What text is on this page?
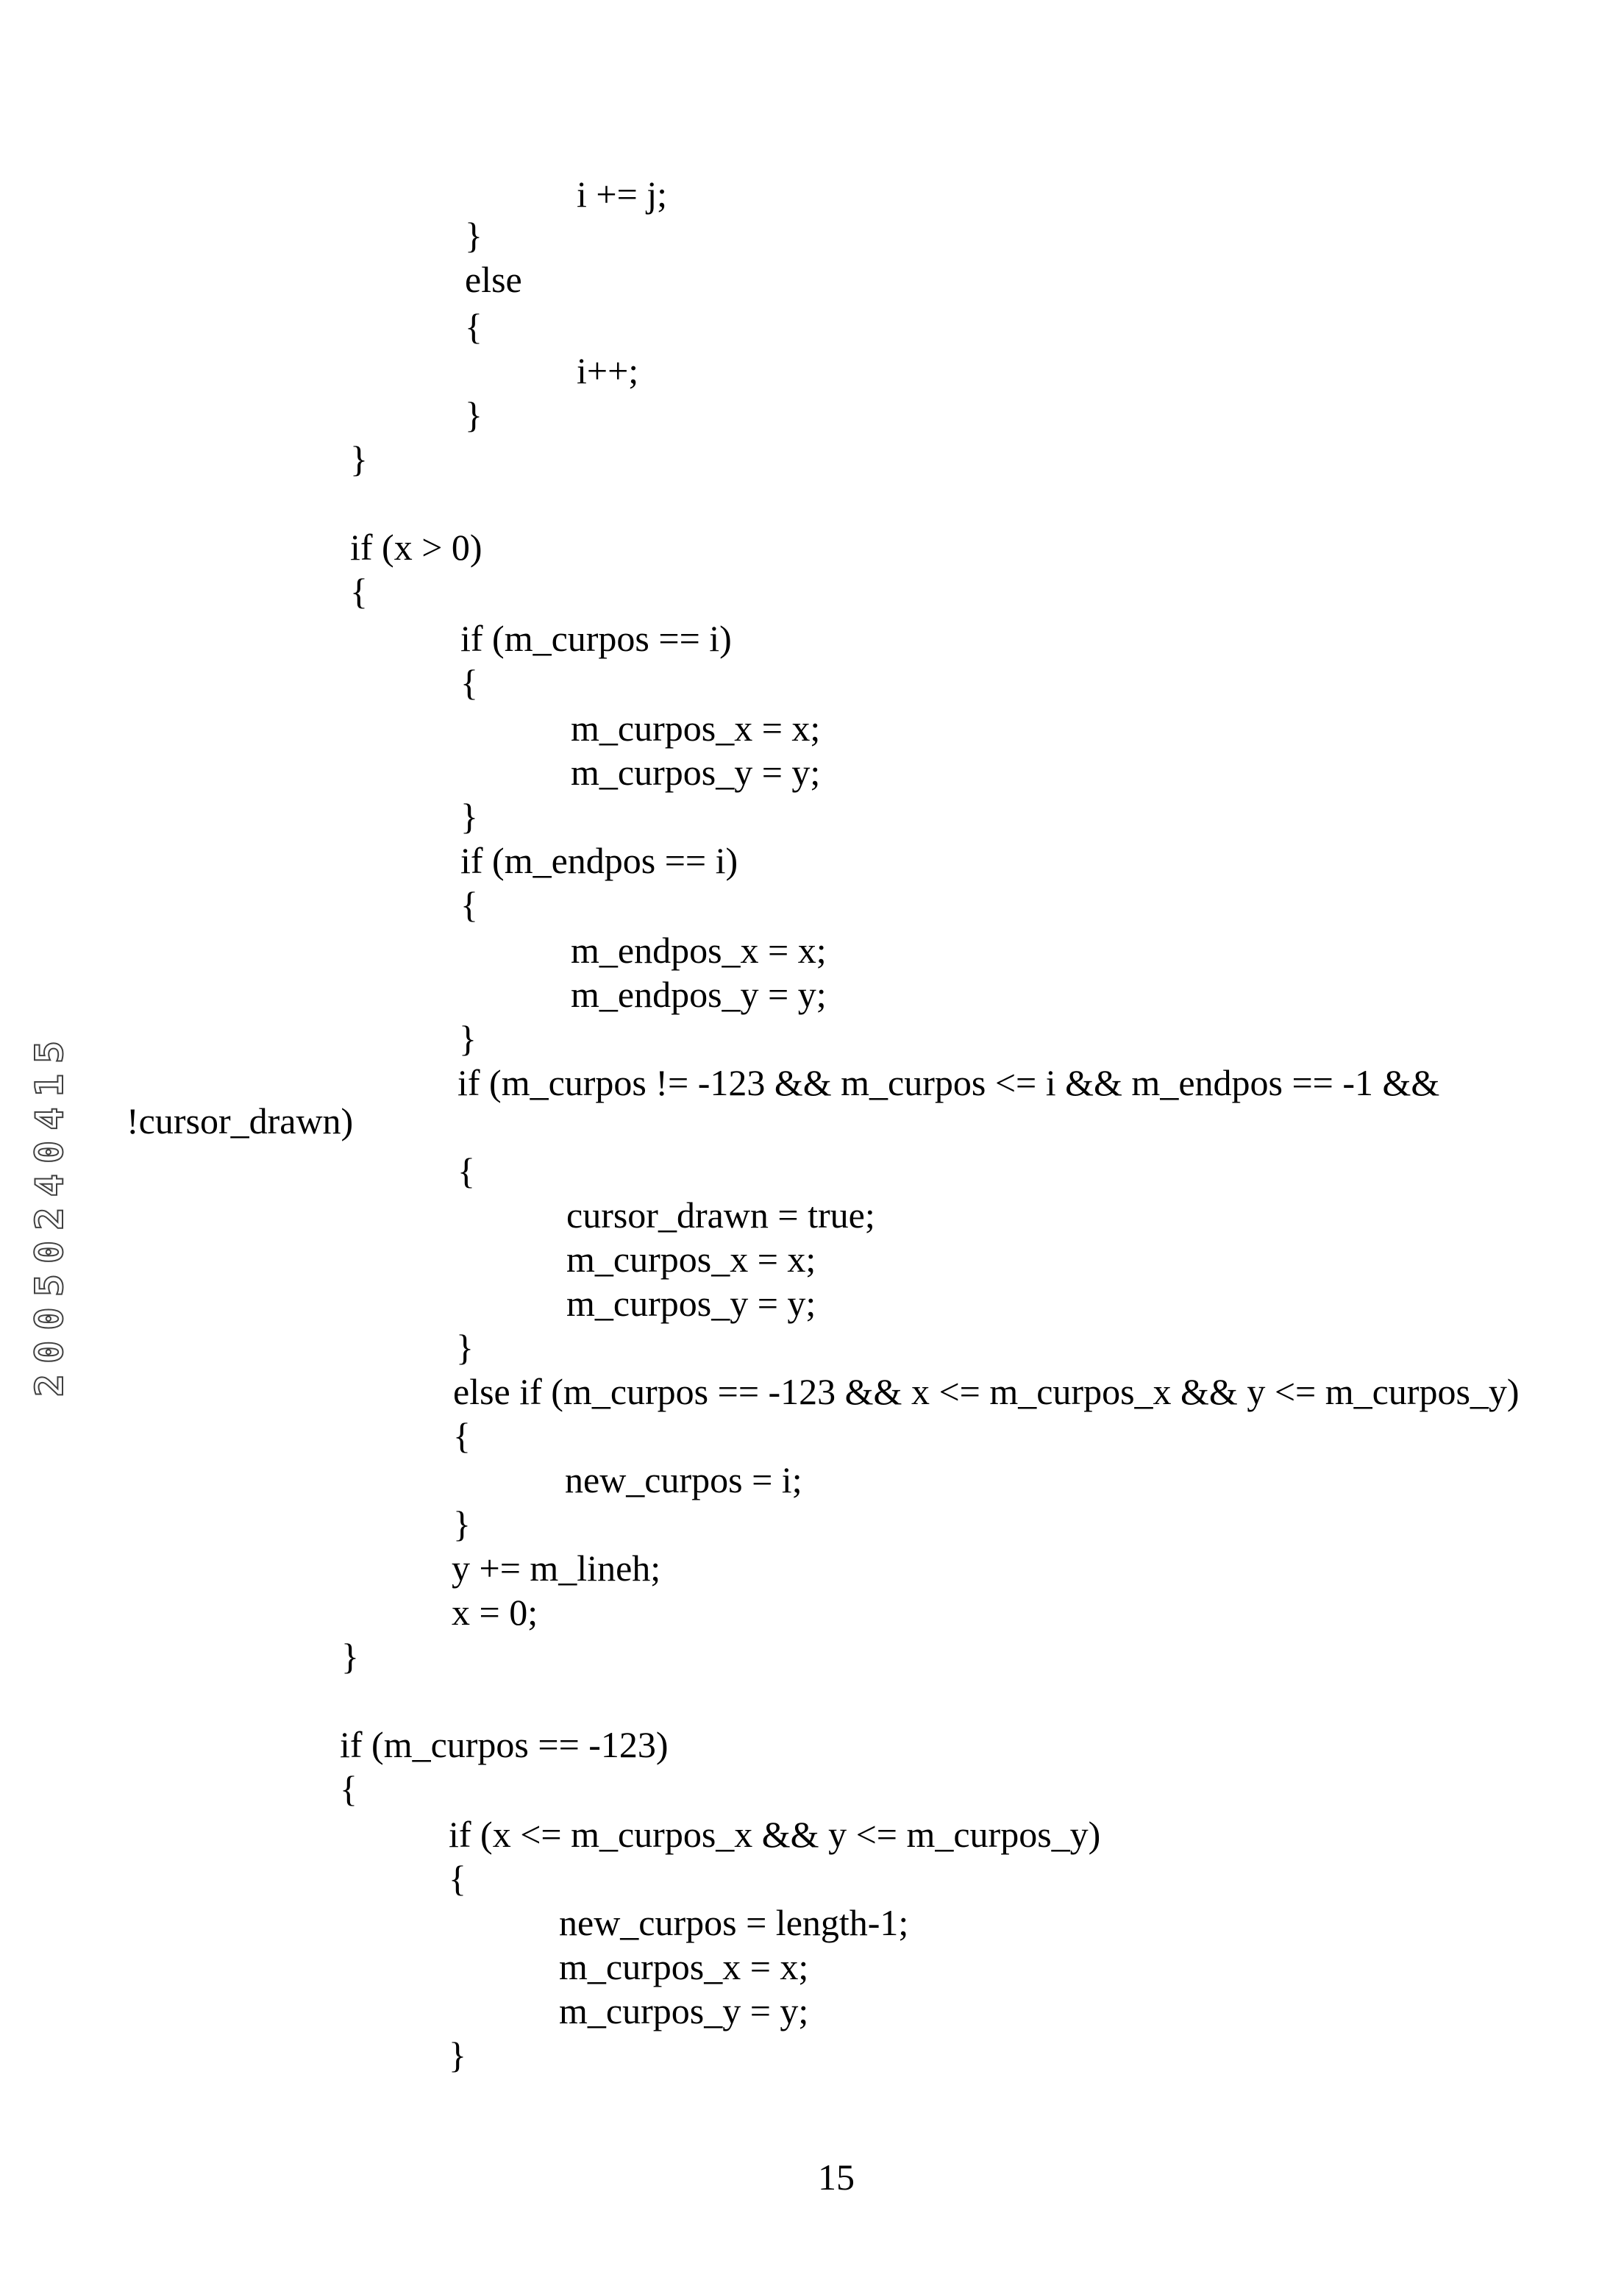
i += j;
}
else
{
i++;
}
}
if (x > 0)
{
if (m_curpos == i)
{
m_curpos_x = x;
m_curpos_y = y;
}
if (m_endpos == i)
{
m_endpos_x = x;
m_endpos_y = y;
}
if (m_curpos != -123 && m_curpos <= i && m_endpos == -1 &&
!cursor_drawn)
{
cursor_drawn = true;
m_curpos_x = x;
m_curpos_y = y;
}
else if (m_curpos == -123 && x <= m_curpos_x && y <= m_curpos_y)
{
new_curpos = i;
}
y += m_lineh;
x = 0;
}
if (m_curpos == -123)
{
if (x <= m_curpos_x && y <= m_curpos_y)
{
new_curpos = length-1;
m_curpos_x = x;
m_curpos_y = y;
}
15
20050240415
